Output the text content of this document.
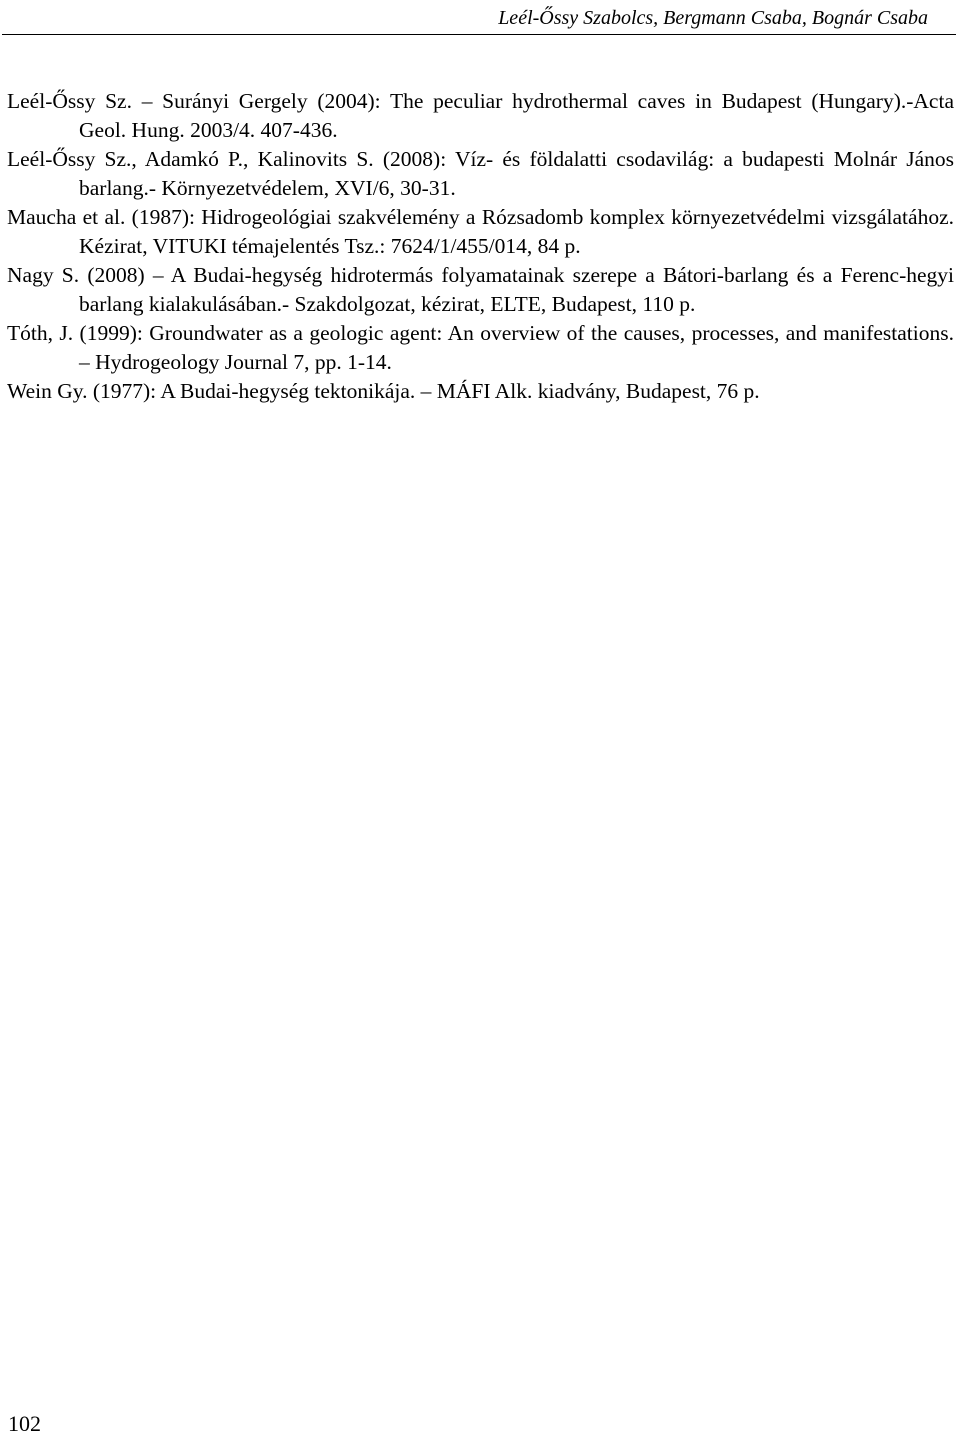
Leél-Őssy Szabolcs, Bergmann Csaba, Bognár Csaba
Leél-Őssy Sz. – Surányi Gergely (2004): The peculiar hydrothermal caves in Budapest (Hungary).-Acta Geol. Hung. 2003/4. 407-436.
Leél-Őssy Sz., Adamkó P., Kalinovits S. (2008): Víz- és földalatti csodavilág: a budapesti Molnár János barlang.- Környezetvédelem, XVI/6, 30-31.
Maucha et al. (1987): Hidrogeológiai szakvélemény a Rózsadomb komplex környezetvédelmi vizsgálatához. Kézirat, VITUKI témajelentés Tsz.: 7624/1/455/014, 84 p.
Nagy S. (2008) – A Budai-hegység hidrotermás folyamatainak szerepe a Bátori-barlang és a Ferenc-hegyi barlang kialakulásában.- Szakdolgozat, kézirat, ELTE, Budapest, 110 p.
Tóth, J. (1999): Groundwater as a geologic agent: An overview of the causes, processes, and manifestations. – Hydrogeology Journal 7, pp. 1-14.
Wein Gy. (1977): A Budai-hegység tektonikája. – MÁFI Alk. kiadvány, Budapest, 76 p.
102
